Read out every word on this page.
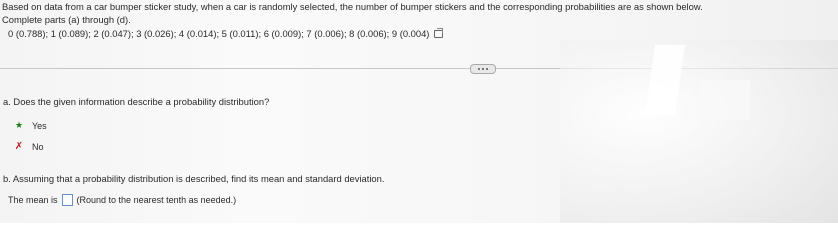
Based on data from a car bumper sticker study, when a car is randomly selected, the number of bumper stickers and the corresponding probabilities are as shown below.
Complete parts (a) through (d).
0 (0.788); 1 (0.089); 2 (0.047); 3 (0.026); 4 (0.014); 5 (0.011); 6 (0.009); 7 (0.006); 8 (0.006); 9 (0.004)
a. Does the given information describe a probability distribution?
★ Yes
✗ No
b. Assuming that a probability distribution is described, find its mean and standard deviation.
The mean is (Round to the nearest tenth as needed.)
